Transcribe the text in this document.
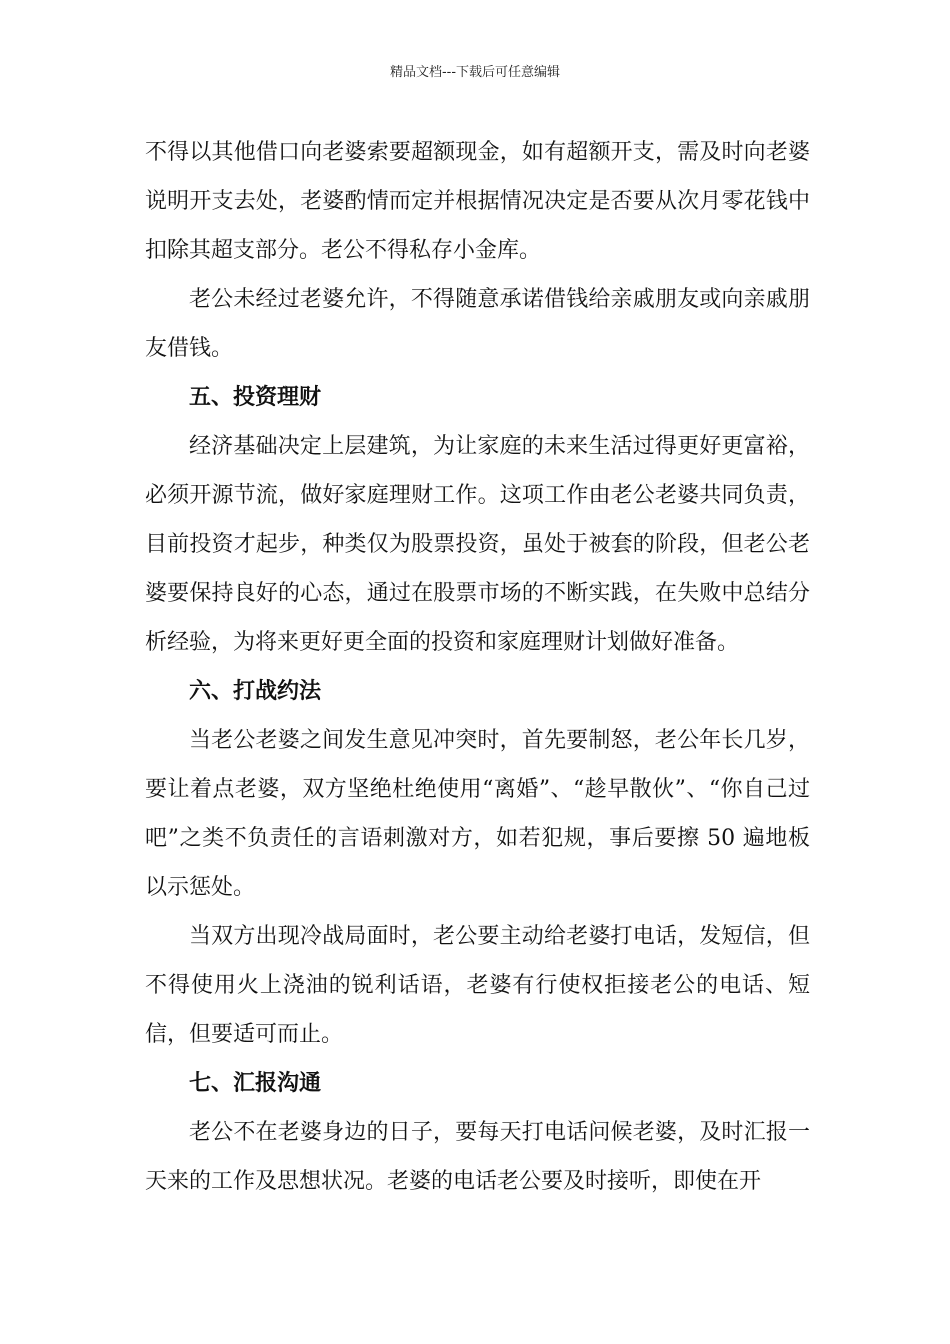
精品文档---下载后可任意编辑

不得以其他借口向老婆索要超额现金，如有超额开支，需及时向老婆说明开支去处，老婆酌情而定并根据情况决定是否要从次月零花钱中扣除其超支部分。老公不得私存小金库。

老公未经过老婆允许，不得随意承诺借钱给亲戚朋友或向亲戚朋友借钱。

五、投资理财

经济基础决定上层建筑，为让家庭的未来生活过得更好更富裕，必须开源节流，做好家庭理财工作。这项工作由老公老婆共同负责，目前投资才起步，种类仅为股票投资，虽处于被套的阶段，但老公老婆要保持良好的心态，通过在股票市场的不断实践，在失败中总结分析经验，为将来更好更全面的投资和家庭理财计划做好准备。

六、打战约法

当老公老婆之间发生意见冲突时，首先要制怒，老公年长几岁，要让着点老婆，双方坚绝杜绝使用“离婚”、“趁早散伙”、“你自己过吧”之类不负责任的言语刺激对方，如若犯规，事后要擦 50 遍地板以示惩处。

当双方出现冷战局面时，老公要主动给老婆打电话，发短信，但不得使用火上浇油的锐利话语，老婆有行使权拒接老公的电话、短信，但要适可而止。

七、汇报沟通

老公不在老婆身边的日子，要每天打电话问候老婆，及时汇报一天来的工作及思想状况。老婆的电话老公要及时接听，即使在开
